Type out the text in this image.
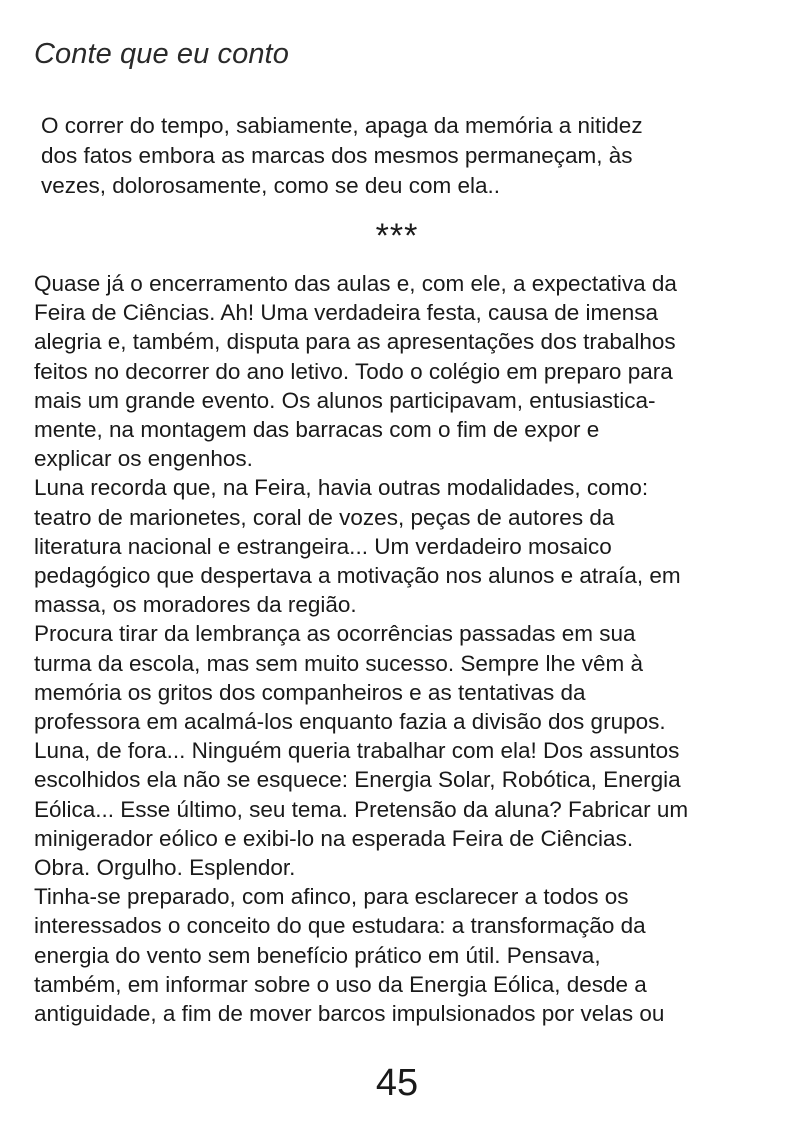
Conte que eu conto

O correr do tempo, sabiamente, apaga da memória a nitidez
dos fatos embora as marcas dos mesmos permaneçam, às
vezes, dolorosamente, como se deu com ela..

***

Quase já o encerramento das aulas e, com ele, a expectativa da
Feira de Ciências. Ah! Uma verdadeira festa, causa de imensa
alegria e, também, disputa para as apresentações dos trabalhos
feitos no decorrer do ano letivo. Todo o colégio em preparo para
mais um grande evento. Os alunos participavam, entusiastica-
mente, na montagem das barracas com o fim de expor e
explicar os engenhos.
Luna recorda que, na Feira, havia outras modalidades, como:
teatro de marionetes, coral de vozes, peças de autores da
literatura nacional e estrangeira... Um verdadeiro mosaico
pedagógico que despertava a motivação nos alunos e atraía, em
massa, os moradores da região.
Procura tirar da lembrança as ocorrências passadas em sua
turma da escola, mas sem muito sucesso. Sempre lhe vêm à
memória os gritos dos companheiros e as tentativas da
professora em acalmá-los enquanto fazia a divisão dos grupos.
Luna, de fora... Ninguém queria trabalhar com ela! Dos assuntos
escolhidos ela não se esquece: Energia Solar, Robótica, Energia
Eólica... Esse último, seu tema. Pretensão da aluna? Fabricar um
minigerador eólico e exibi-lo na esperada Feira de Ciências.
Obra. Orgulho. Esplendor.
Tinha-se preparado, com afinco, para esclarecer a todos os
interessados o conceito do que estudara: a transformação da
energia do vento sem benefício prático em útil. Pensava,
também, em informar sobre o uso da Energia Eólica, desde a
antiguidade, a fim de mover barcos impulsionados por velas ou

45
